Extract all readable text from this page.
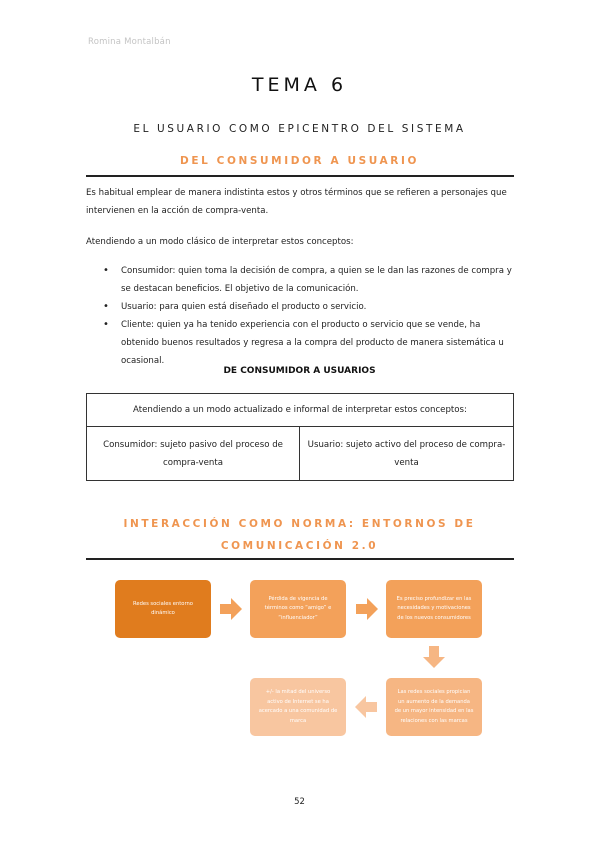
Romina Montalbán
TEMA 6
EL USUARIO COMO EPICENTRO DEL SISTEMA
DEL CONSUMIDOR A USUARIO

Es habitual emplear de manera indistinta estos y otros términos que se refieren a personajes que intervienen en la acción de compra-venta.

Atendiendo a un modo clásico de interpretar estos conceptos:

• Consumidor: quien toma la decisión de compra, a quien se le dan las razones de compra y se destacan beneficios. El objetivo de la comunicación.
• Usuario: para quien está diseñado el producto o servicio.
• Cliente: quien ya ha tenido experiencia con el producto o servicio que se vende, ha obtenido buenos resultados y regresa a la compra del producto de manera sistemática u ocasional.
DE CONSUMIDOR A USUARIOS
Atendiendo a un modo actualizado e informal de interpretar estos conceptos:
Consumidor: sujeto pasivo del proceso de compra-venta
Usuario: sujeto activo del proceso de compra-venta
INTERACCIÓN COMO NORMA: ENTORNOS DE
COMUNICACIÓN 2.0
Redes sociales entorno dinámico
Pérdida de vigencia de términos como “amigo” e “influenciador”
Es preciso profundizar en las necesidades y motivaciones de los nuevos consumidores
Las redes sociales propician un aumento de la demanda de un mayor intensidad en las relaciones con las marcas
+/- la mitad del universo activo de Internet se ha acercado a una comunidad de marca
52
